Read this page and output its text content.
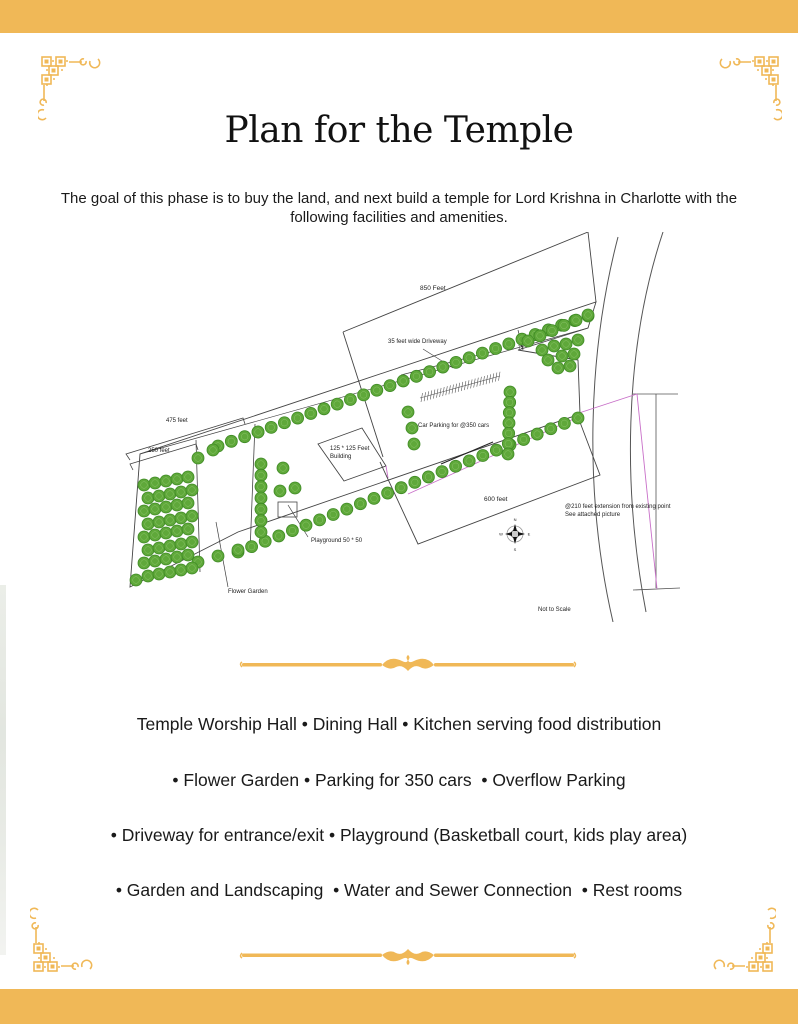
Plan for the Temple

The goal of this phase is to buy the land, and next build a temple for Lord Krishna in Charlotte with the following facilities and amenities.

N
S
E
W
850 Feet
35 feet wide Driveway
75
475 feet
250 feet	125 * 125 Feet
Building
Car Parking for @350 cars
Playground 50 * 50
Flower Garden
600 feet
@210 feet extension from existing point
See attached picture
Not to Scale
Temple Worship Hall • Dining Hall • Kitchen serving food distribution
• Flower Garden • Parking for 350 cars  • Overflow Parking
• Driveway for entrance/exit • Playground (Basketball court, kids play area)
• Garden and Landscaping  • Water and Sewer Connection  • Rest rooms
